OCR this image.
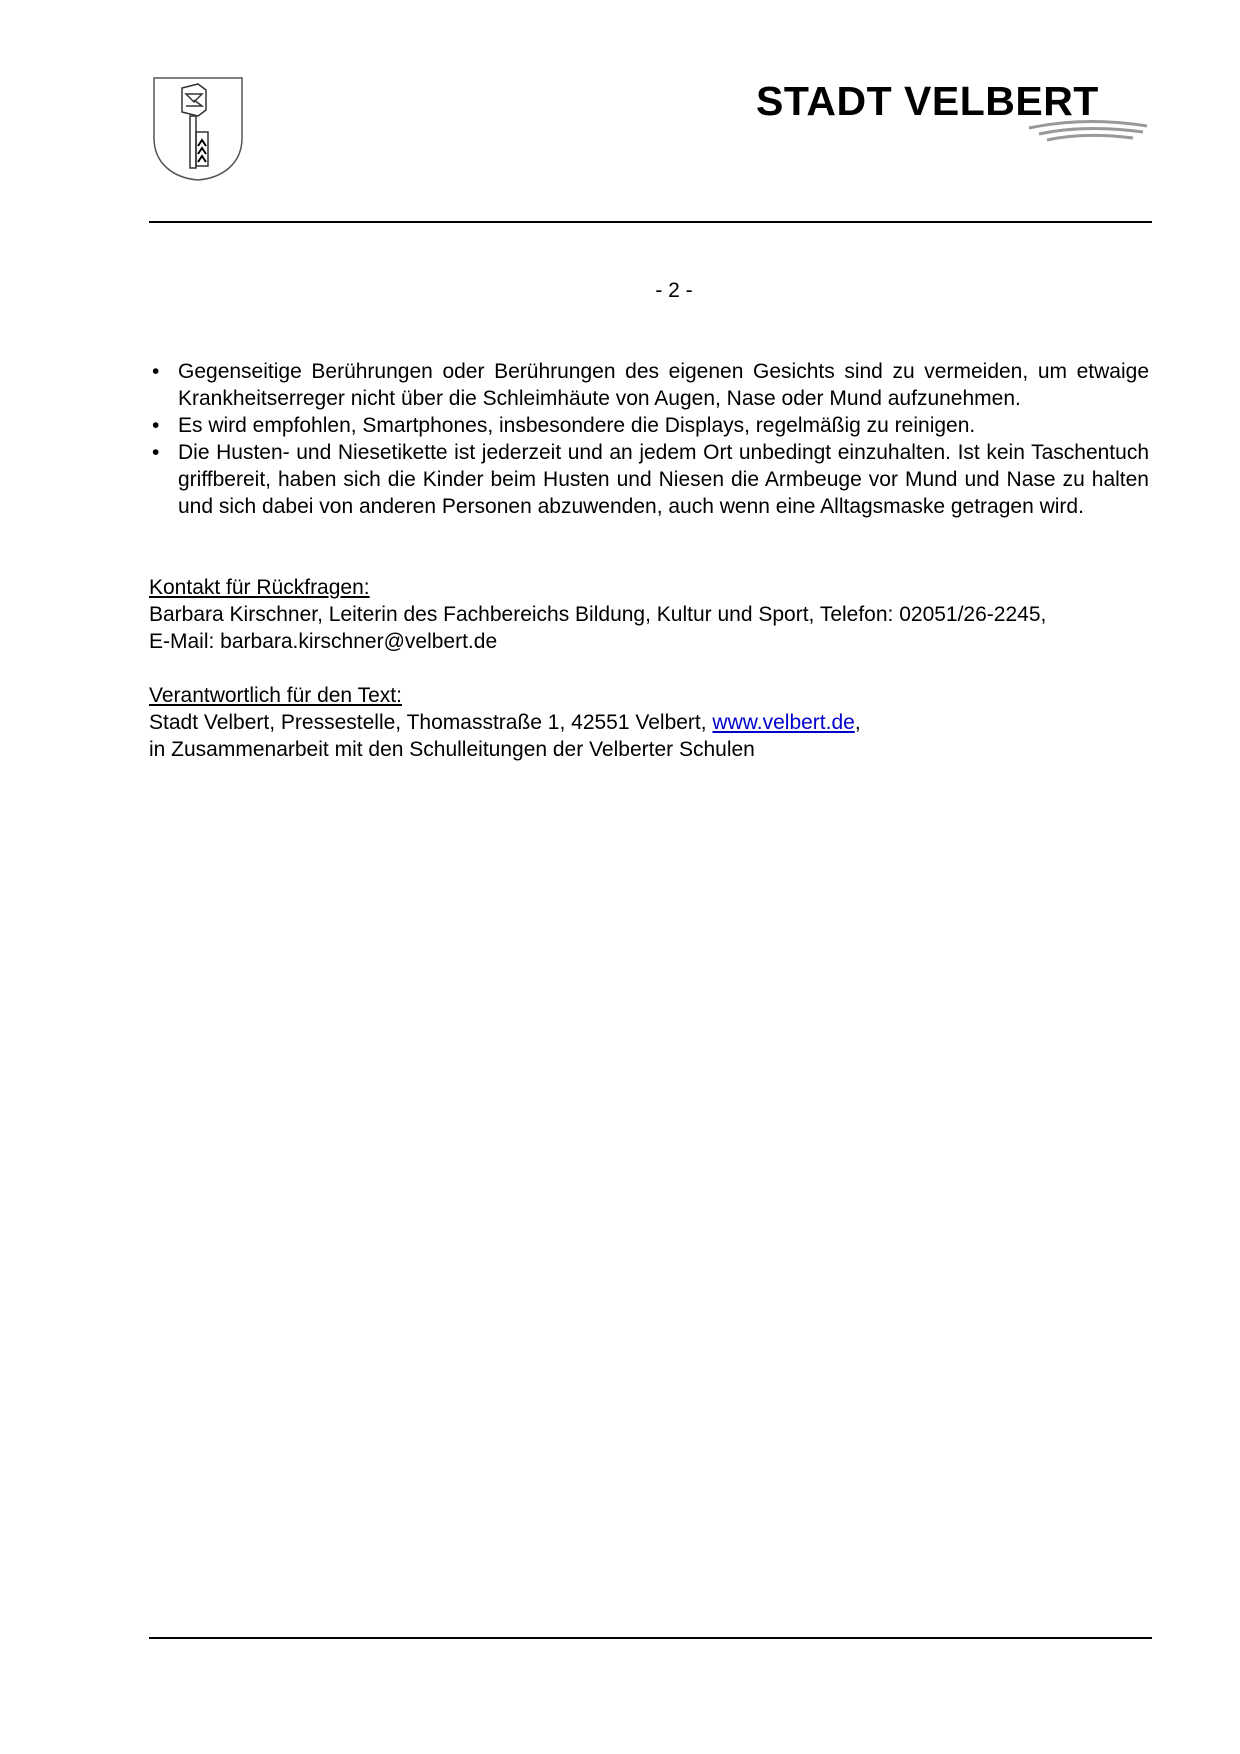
STADT VELBERT
- 2 -
• Gegenseitige Berührungen oder Berührungen des eigenen Gesichts sind zu vermeiden, um etwaige Krankheitserreger nicht über die Schleimhäute von Augen, Nase oder Mund aufzunehmen.
• Es wird empfohlen, Smartphones, insbesondere die Displays, regelmäßig zu reinigen.
• Die Husten- und Niesetikette ist jederzeit und an jedem Ort unbedingt einzuhalten. Ist kein Taschentuch griffbereit, haben sich die Kinder beim Husten und Niesen die Armbeuge vor Mund und Nase zu halten und sich dabei von anderen Personen abzuwenden, auch wenn eine Alltagsmaske getragen wird.
Kontakt für Rückfragen:
Barbara Kirschner, Leiterin des Fachbereichs Bildung, Kultur und Sport, Telefon: 02051/26-2245,
E-Mail: barbara.kirschner@velbert.de
Verantwortlich für den Text:
Stadt Velbert, Pressestelle, Thomasstraße 1, 42551 Velbert, www.velbert.de,
in Zusammenarbeit mit den Schulleitungen der Velberter Schulen
